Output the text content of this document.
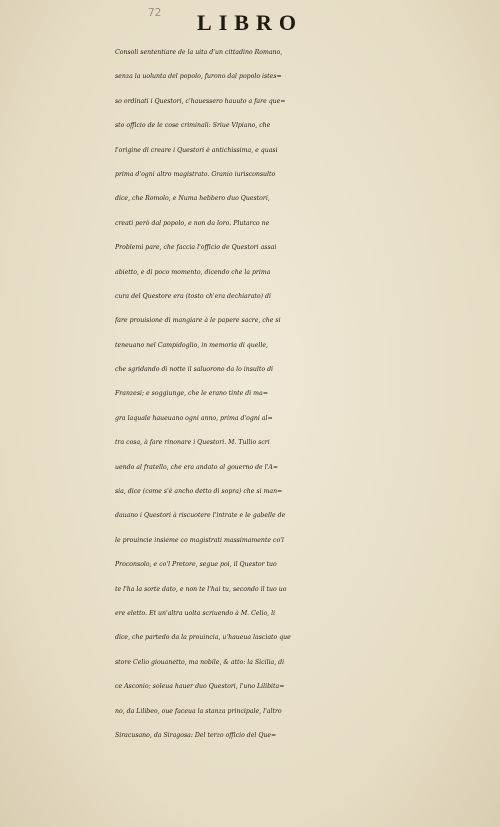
72	LIBRO
Consoli sententiare de la uita d'un cittadino Romano,
senza la uolunta del popolo, furono dal popolo istes=
so ordinati i Questori, c'hauessero hauuto a fare que=
sto officio de le cose criminali: Sriue Vlpiano, che
l'origine di creare i Questori è antichissima, e quasi
prima d'ogni altro magistrato. Granio iurisconsulto
dice, che Romolo, e Numa hebbero duo Questori,
creati però dal popolo, e non da loro. Plutarco ne
Problemi pare, che faccia l'officio de Questori assai
abietto, e di poco momento, dicendo che la prima
cura del Questore era (tosto ch'era dechiarato) di
fare prouisione di mangiare à le papere sacre, che si
teneuano nel Campidoglio, in memoria di quelle,
che sgridando di notte il saluorono da lo insulto di
Franzesi; e soggiunge, che le erano tinte di ma=
gra laquale haueuano ogni anno, prima d'ogni al=
tra cosa, à fare rinonare i Questori. M. Tullio scri
uendo al fratello, che era andato al gouerno de l'A=
sia, dice (come s'è ancho detto di sopra) che si man=
dauano i Questori à riscuotere l'intrate e le gabelle de
le prouincie insieme co magistrati massimamente co'l
Proconsolo, e co'l Pretore, segue poi, il Questor tuo
te l'ha la sorte dato, e non te l'hai tu, secondo il tuo uo
ere eletto. Et un'altra uolta scriuendo à M. Celio, li
dice, che partedo da la prouincia, u'haueua lasciato que
store Celio giouanetto, ma nobile, & atto: la Sicilia, di
ce Asconio; soleua hauer duo Questori, l'uno Lilibita=
no, da Lilibeo, oue faceua la stanza principale, l'altro
Siracusano, da Siragosa: Del terzo officio del Que=
